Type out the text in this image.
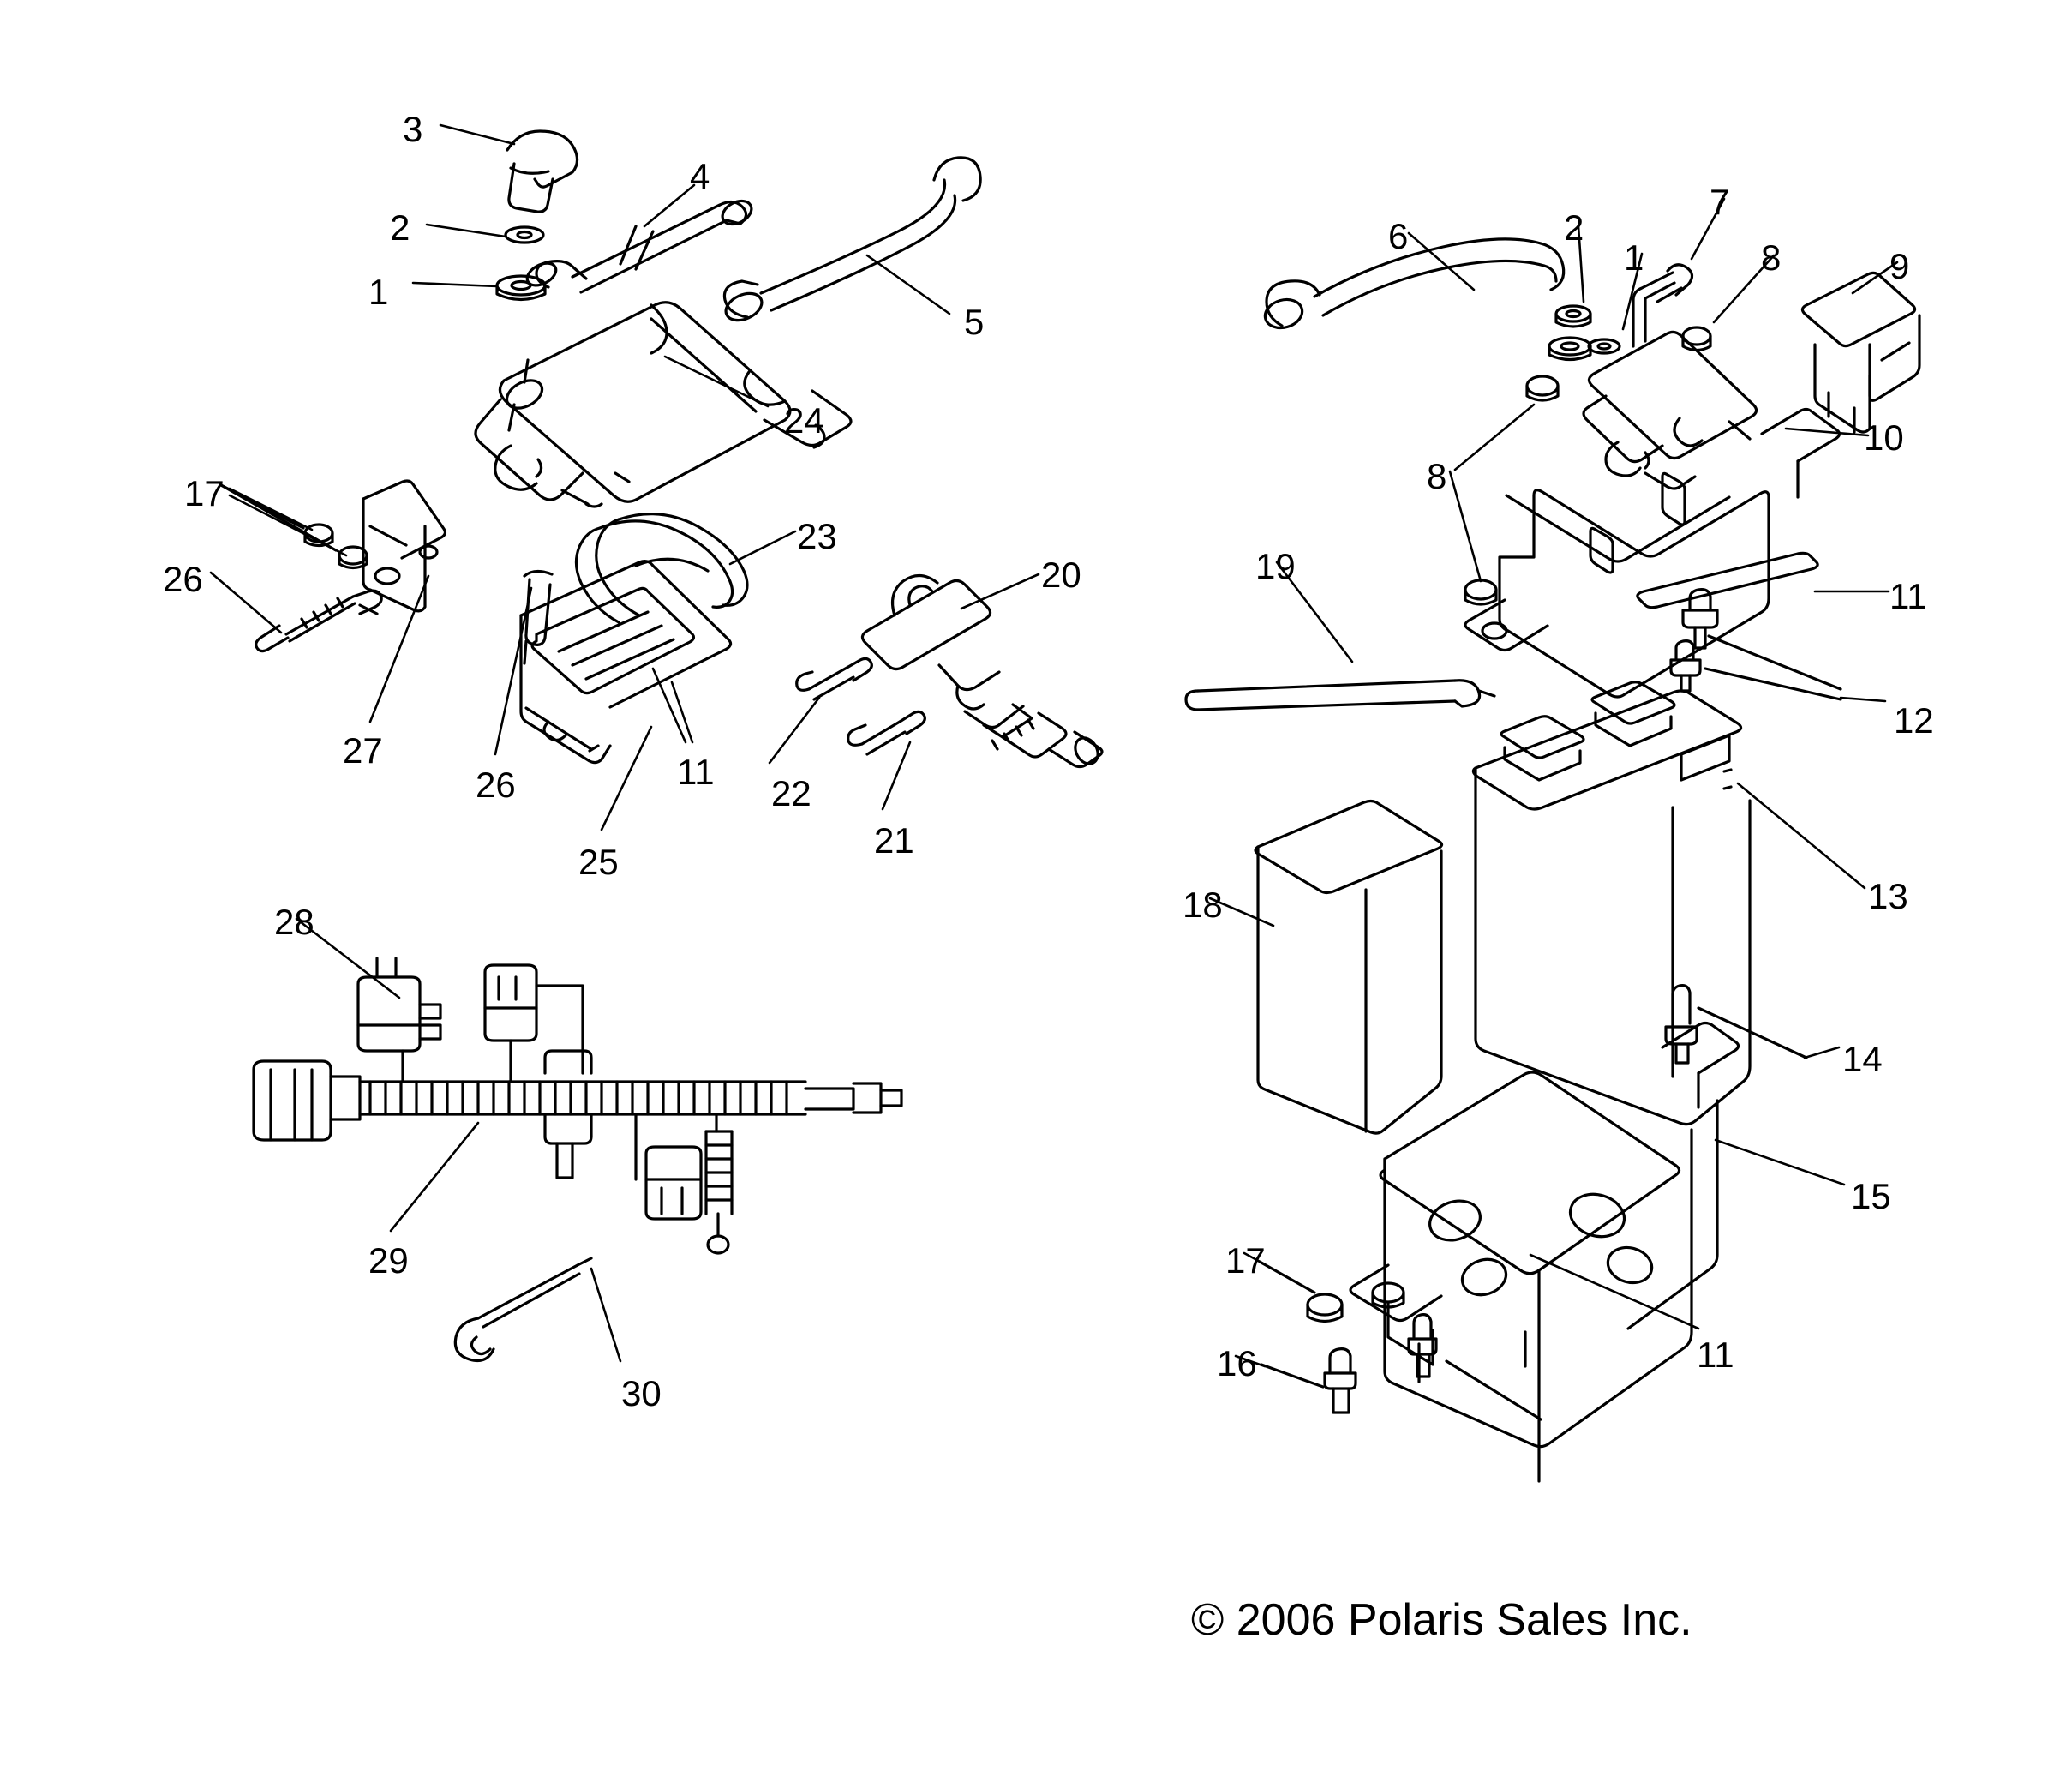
3
4
2
1
5
24
17
26
23
20
27
26	11
22
21
25
28
29
30
6	2
7
1	8	9
10
8
11
19
12
13
18
14
15
17
11
16
© 2006 Polaris Sales Inc.
